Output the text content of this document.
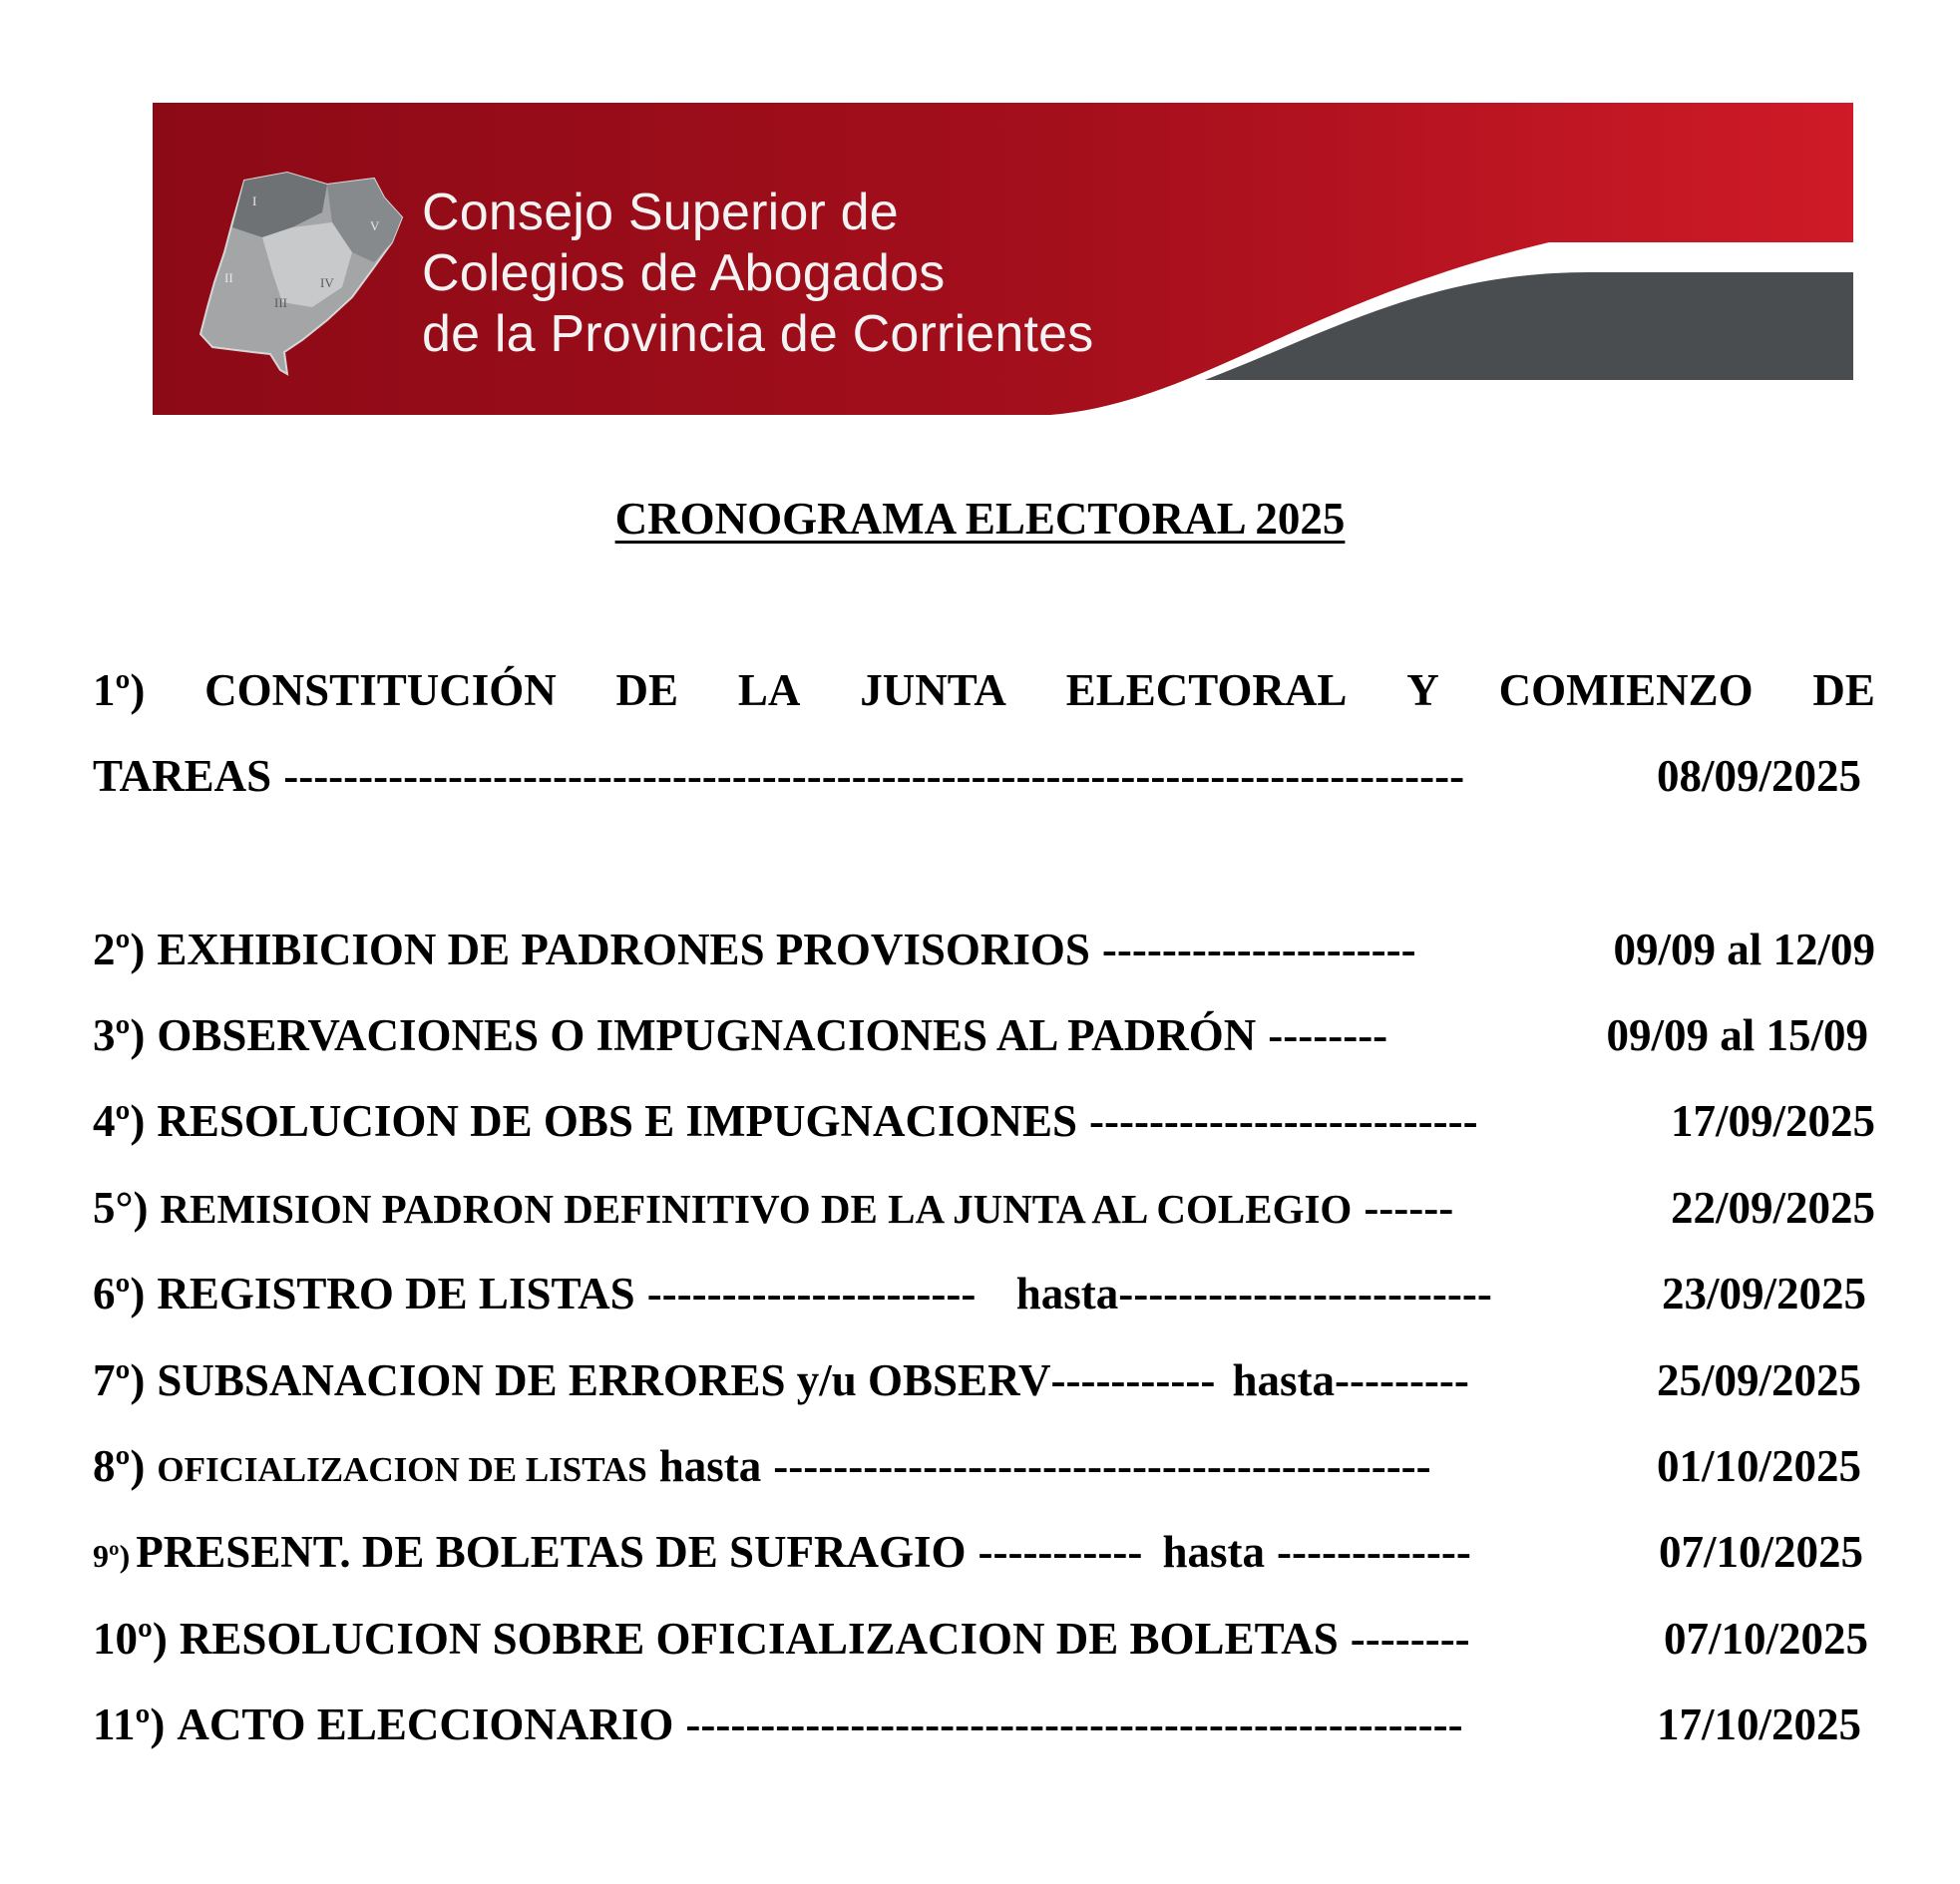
I
II
III
IV
V Consejo Superior de
Colegios de Abogados
de la Provincia de Corrientes
CRONOGRAMA ELECTORAL 2025
1º) CONSTITUCIÓN DE LA JUNTA ELECTORAL Y COMIENZO DE
TAREAS -------------------------------------------------------------------------------	08/09/2025
2º) EXHIBICION DE PADRONES PROVISORIOS ---------------------	09/09 al 12/09
3º) OBSERVACIONES O IMPUGNACIONES AL PADRÓN --------	09/09 al 15/09
4º) RESOLUCION DE OBS E IMPUGNACIONES --------------------------	17/09/2025
5°) REMISION PADRON DEFINITIVO DE LA JUNTA AL COLEGIO ------	22/09/2025
6º) REGISTRO DE LISTAS ---------------------- hasta -------------------------	23/09/2025
7º) SUBSANACION DE ERRORES y/u OBSERV ----------- hasta ---------	25/09/2025
8º) OFICIALIZACION DE LISTAS hasta --------------------------------------------	01/10/2025
9º) PRESENT. DE BOLETAS DE SUFRAGIO ----------- hasta -------------	07/10/2025
10º) RESOLUCION SOBRE OFICIALIZACION DE BOLETAS --------	07/10/2025
11º) ACTO ELECCIONARIO ----------------------------------------------------	17/10/2025
